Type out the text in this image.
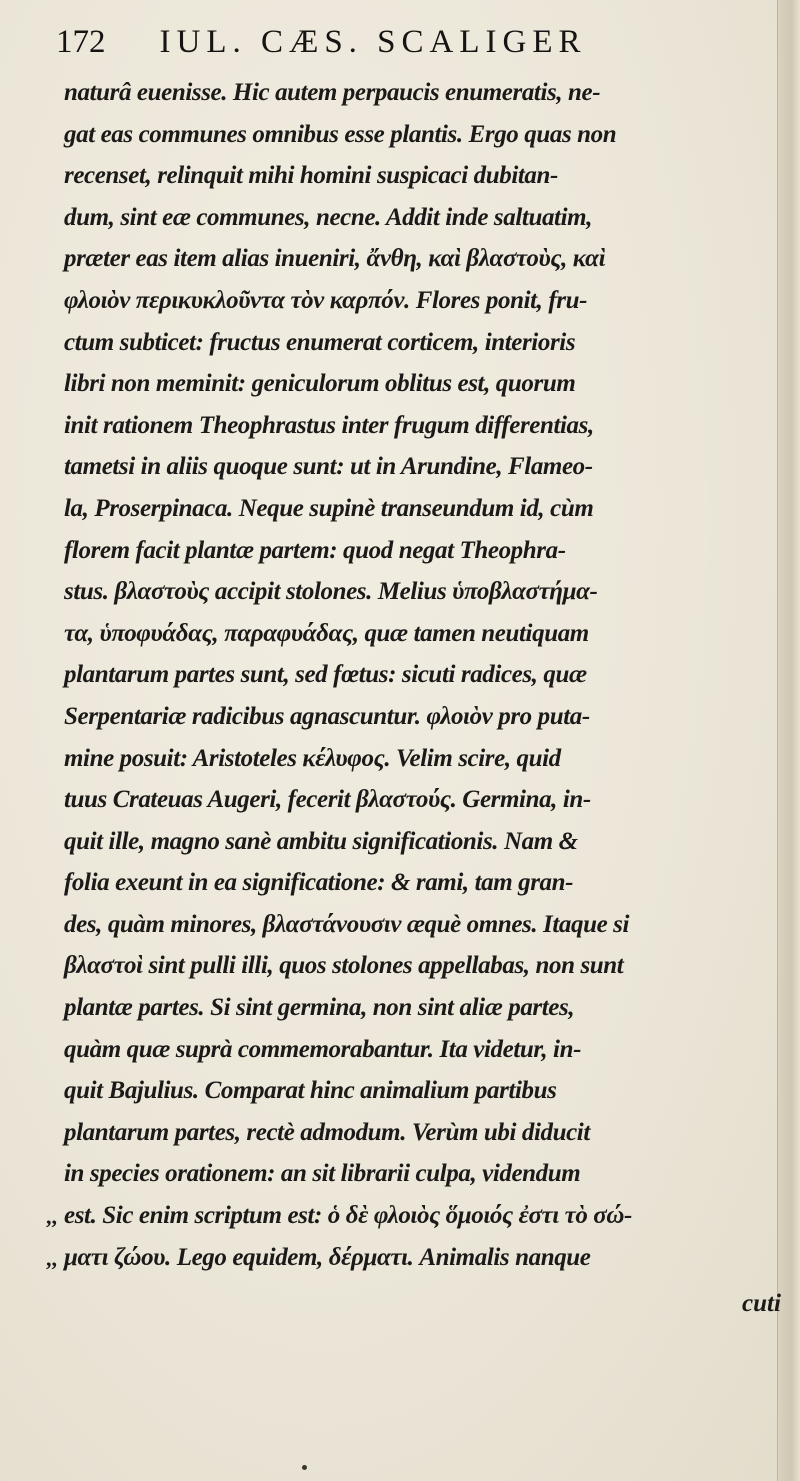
172 IUL. CÆS. SCALIGER
naturâ euenisse. Hic autem perpaucis enumeratis, ne-
gat eas communes omnibus esse plantis. Ergo quas non
recenset, relinquit mihi homini suspicaci dubitan-
dum, sint eæ communes, necne. Addit inde saltuatim,
præter eas item alias inueniri, ἄνθη, καὶ βλαστοὺς, καὶ
φλοιὸν περικυκλοῦντα τὸν καρπόν. Flores ponit, fru-
ctum subticet: fructus enumerat corticem, interioris
libri non meminit: geniculorum oblitus est, quorum
init rationem Theophrastus inter frugum differentias,
tametsi in aliis quoque sunt: ut in Arundine, Flameo-
la, Proserpinaca. Neque supinè transeundum id, cùm
florem facit plantæ partem: quod negat Theophra-
stus. βλαστοὺς accipit stolones. Melius ὑποβλαστήμα-
τα, ὑποφυάδας, παραφυάδας, quæ tamen neutiquam
plantarum partes sunt, sed fœtus: sicuti radices, quæ
Serpentariæ radicibus agnascuntur. φλοιὸν pro puta-
mine posuit: Aristoteles κέλυφος. Velim scire, quid
tuus Crateuas Augeri, fecerit βλαστούς. Germina, in-
quit ille, magno sanè ambitu significationis. Nam &
folia exeunt in ea significatione: & rami, tam gran-
des, quàm minores, βλαστάνουσιν æquè omnes. Itaque si
βλαστοὶ sint pulli illi, quos stolones appellabas, non sunt
plantæ partes. Si sint germina, non sint aliæ partes,
quàm quæ suprà commemorabantur. Ita videtur, in-
quit Bajulius. Comparat hinc animalium partibus
plantarum partes, rectè admodum. Verùm ubi diducit
in species orationem: an sit librarii culpa, videndum
est. Sic enim scriptum est: ὁ δὲ φλοιὸς ὅμοιός ἐστι τὸ σώ-
ματι ζώου. Lego equidem, δέρματι. Animalis nanque
,,
,,
cuti
